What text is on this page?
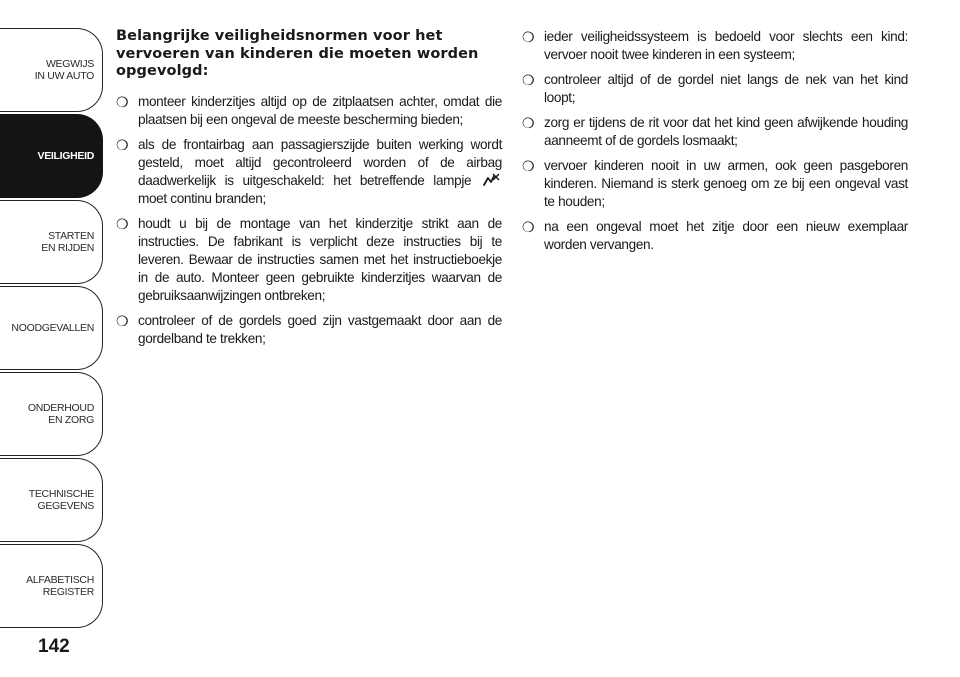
WEGWIJS
IN UW AUTO
VEILIGHEID
STARTEN
EN RIJDEN
NOODGEVALLEN
ONDERHOUD
EN ZORG
TECHNISCHE
GEGEVENS
ALFABETISCH
REGISTER
142
Belangrijke veiligheidsnormen voor het vervoeren van kinderen die moeten worden opgevolgd:
❍ monteer kinderzitjes altijd op de zitplaatsen achter, omdat die plaatsen bij een ongeval de meeste bescherming bieden;
❍ als de frontairbag aan passagierszijde buiten werking wordt gesteld, moet altijd gecontroleerd worden of de airbag daadwerkelijk is uitgeschakeld: het betreffende lampje  moet continu branden;
❍ houdt u bij de montage van het kinderzitje strikt aan de instructies. De fabrikant is verplicht deze instructies bij te leveren. Bewaar de instructies samen met het instructieboekje in de auto. Monteer geen gebruikte kinderzitjes waarvan de gebruiksaanwijzingen ontbreken;
❍ controleer of de gordels goed zijn vastgemaakt door aan de gordelband te trekken;
❍ ieder veiligheidssysteem is bedoeld voor slechts een kind: vervoer nooit twee kinderen in een systeem;
❍ controleer altijd of de gordel niet langs de nek van het kind loopt;
❍ zorg er tijdens de rit voor dat het kind geen afwijkende houding aanneemt of de gordels losmaakt;
❍ vervoer kinderen nooit in uw armen, ook geen pasgeboren kinderen. Niemand is sterk genoeg om ze bij een ongeval vast te houden;
❍ na een ongeval moet het zitje door een nieuw exemplaar worden vervangen.
